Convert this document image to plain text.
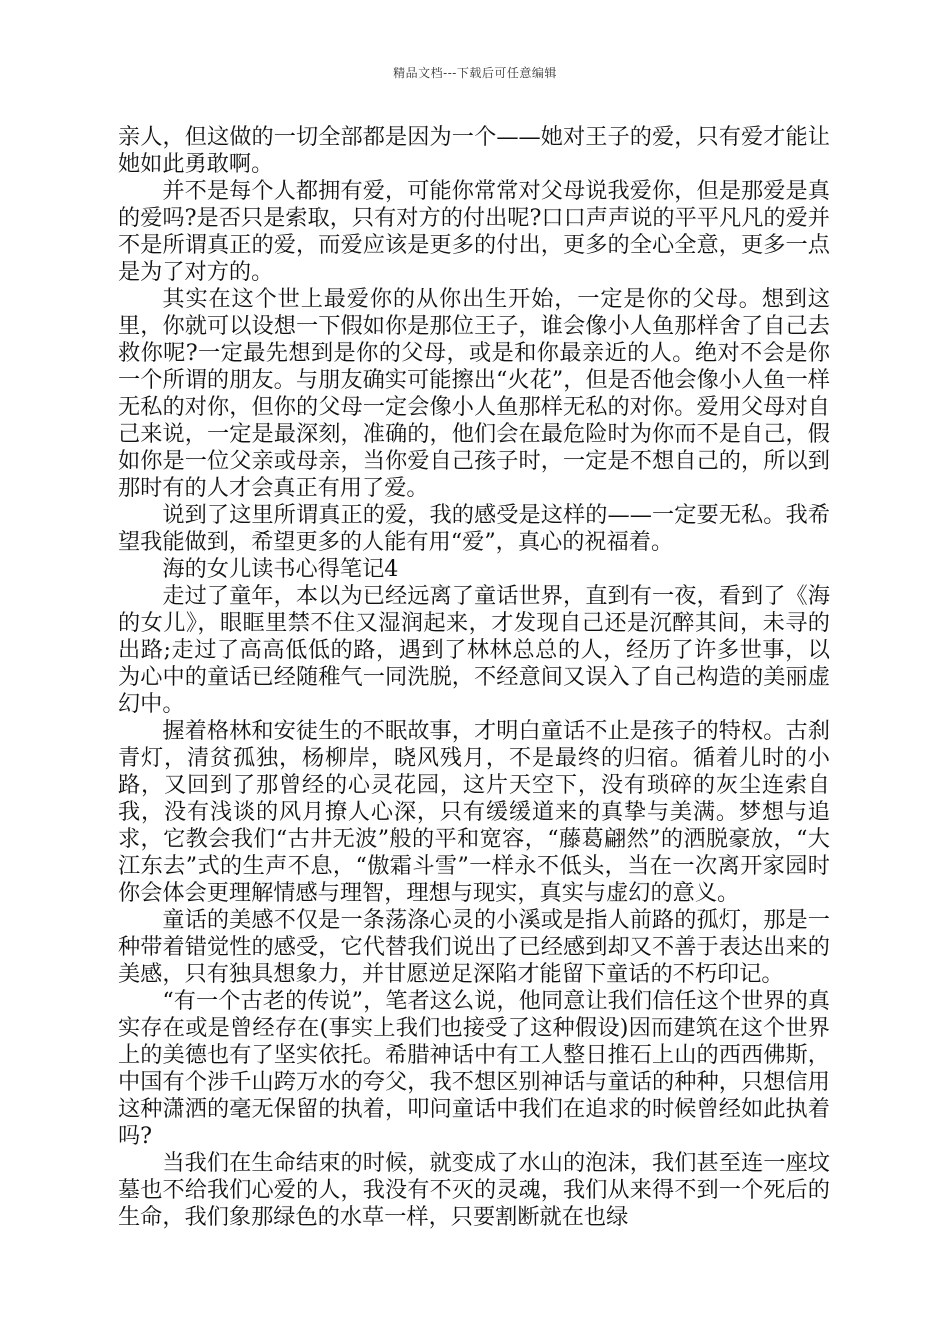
精品文档---下载后可任意编辑

亲人，但这做的一切全部都是因为一个——她对王子的爱，只有爱才能让她如此勇敢啊。

并不是每个人都拥有爱，可能你常常对父母说我爱你，但是那爱是真的爱吗?是否只是索取，只有对方的付出呢?口口声声说的平平凡凡的爱并不是所谓真正的爱，而爱应该是更多的付出，更多的全心全意，更多一点是为了对方的。

其实在这个世上最爱你的从你出生开始，一定是你的父母。想到这里，你就可以设想一下假如你是那位王子，谁会像小人鱼那样舍了自己去救你呢?一定最先想到是你的父母，或是和你最亲近的人。绝对不会是你一个所谓的朋友。与朋友确实可能擦出“火花”，但是否他会像小人鱼一样无私的对你，但你的父母一定会像小人鱼那样无私的对你。爱用父母对自己来说，一定是最深刻，准确的，他们会在最危险时为你而不是自己，假如你是一位父亲或母亲，当你爱自己孩子时，一定是不想自己的，所以到那时有的人才会真正有用了爱。

说到了这里所谓真正的爱，我的感受是这样的——一定要无私。我希望我能做到，希望更多的人能有用“爱”，真心的祝福着。

海的女儿读书心得笔记4

走过了童年，本以为已经远离了童话世界，直到有一夜，看到了《海的女儿》，眼眶里禁不住又湿润起来，才发现自己还是沉醉其间，未寻的出路;走过了高高低低的路，遇到了林林总总的人，经历了许多世事，以为心中的童话已经随稚气一同洗脱，不经意间又误入了自己构造的美丽虚幻中。

握着格林和安徒生的不眠故事，才明白童话不止是孩子的特权。古刹青灯，清贫孤独，杨柳岸，晓风残月，不是最终的归宿。循着儿时的小路，又回到了那曾经的心灵花园，这片天空下，没有琐碎的灰尘连索自我，没有浅谈的风月撩人心深，只有缓缓道来的真挚与美满。梦想与追求，它教会我们“古井无波”般的平和宽容，“藤葛翩然”的洒脱豪放，“大江东去”式的生声不息，“傲霜斗雪”一样永不低头，当在一次离开家园时你会体会更理解情感与理智，理想与现实，真实与虚幻的意义。

童话的美感不仅是一条荡涤心灵的小溪或是指人前路的孤灯，那是一种带着错觉性的感受，它代替我们说出了已经感到却又不善于表达出来的美感，只有独具想象力，并甘愿逆足深陷才能留下童话的不朽印记。

“有一个古老的传说”，笔者这么说，他同意让我们信任这个世界的真实存在或是曾经存在(事实上我们也接受了这种假设)因而建筑在这个世界上的美德也有了坚实依托。希腊神话中有工人整日推石上山的西西佛斯，中国有个涉千山跨万水的夸父，我不想区别神话与童话的种种，只想信用这种潇洒的毫无保留的执着，叩问童话中我们在追求的时候曾经如此执着吗?

当我们在生命结束的时候，就变成了水山的泡沫，我们甚至连一座坟墓也不给我们心爱的人，我没有不灭的灵魂，我们从来得不到一个死后的生命，我们象那绿色的水草一样，只要割断就在也绿
